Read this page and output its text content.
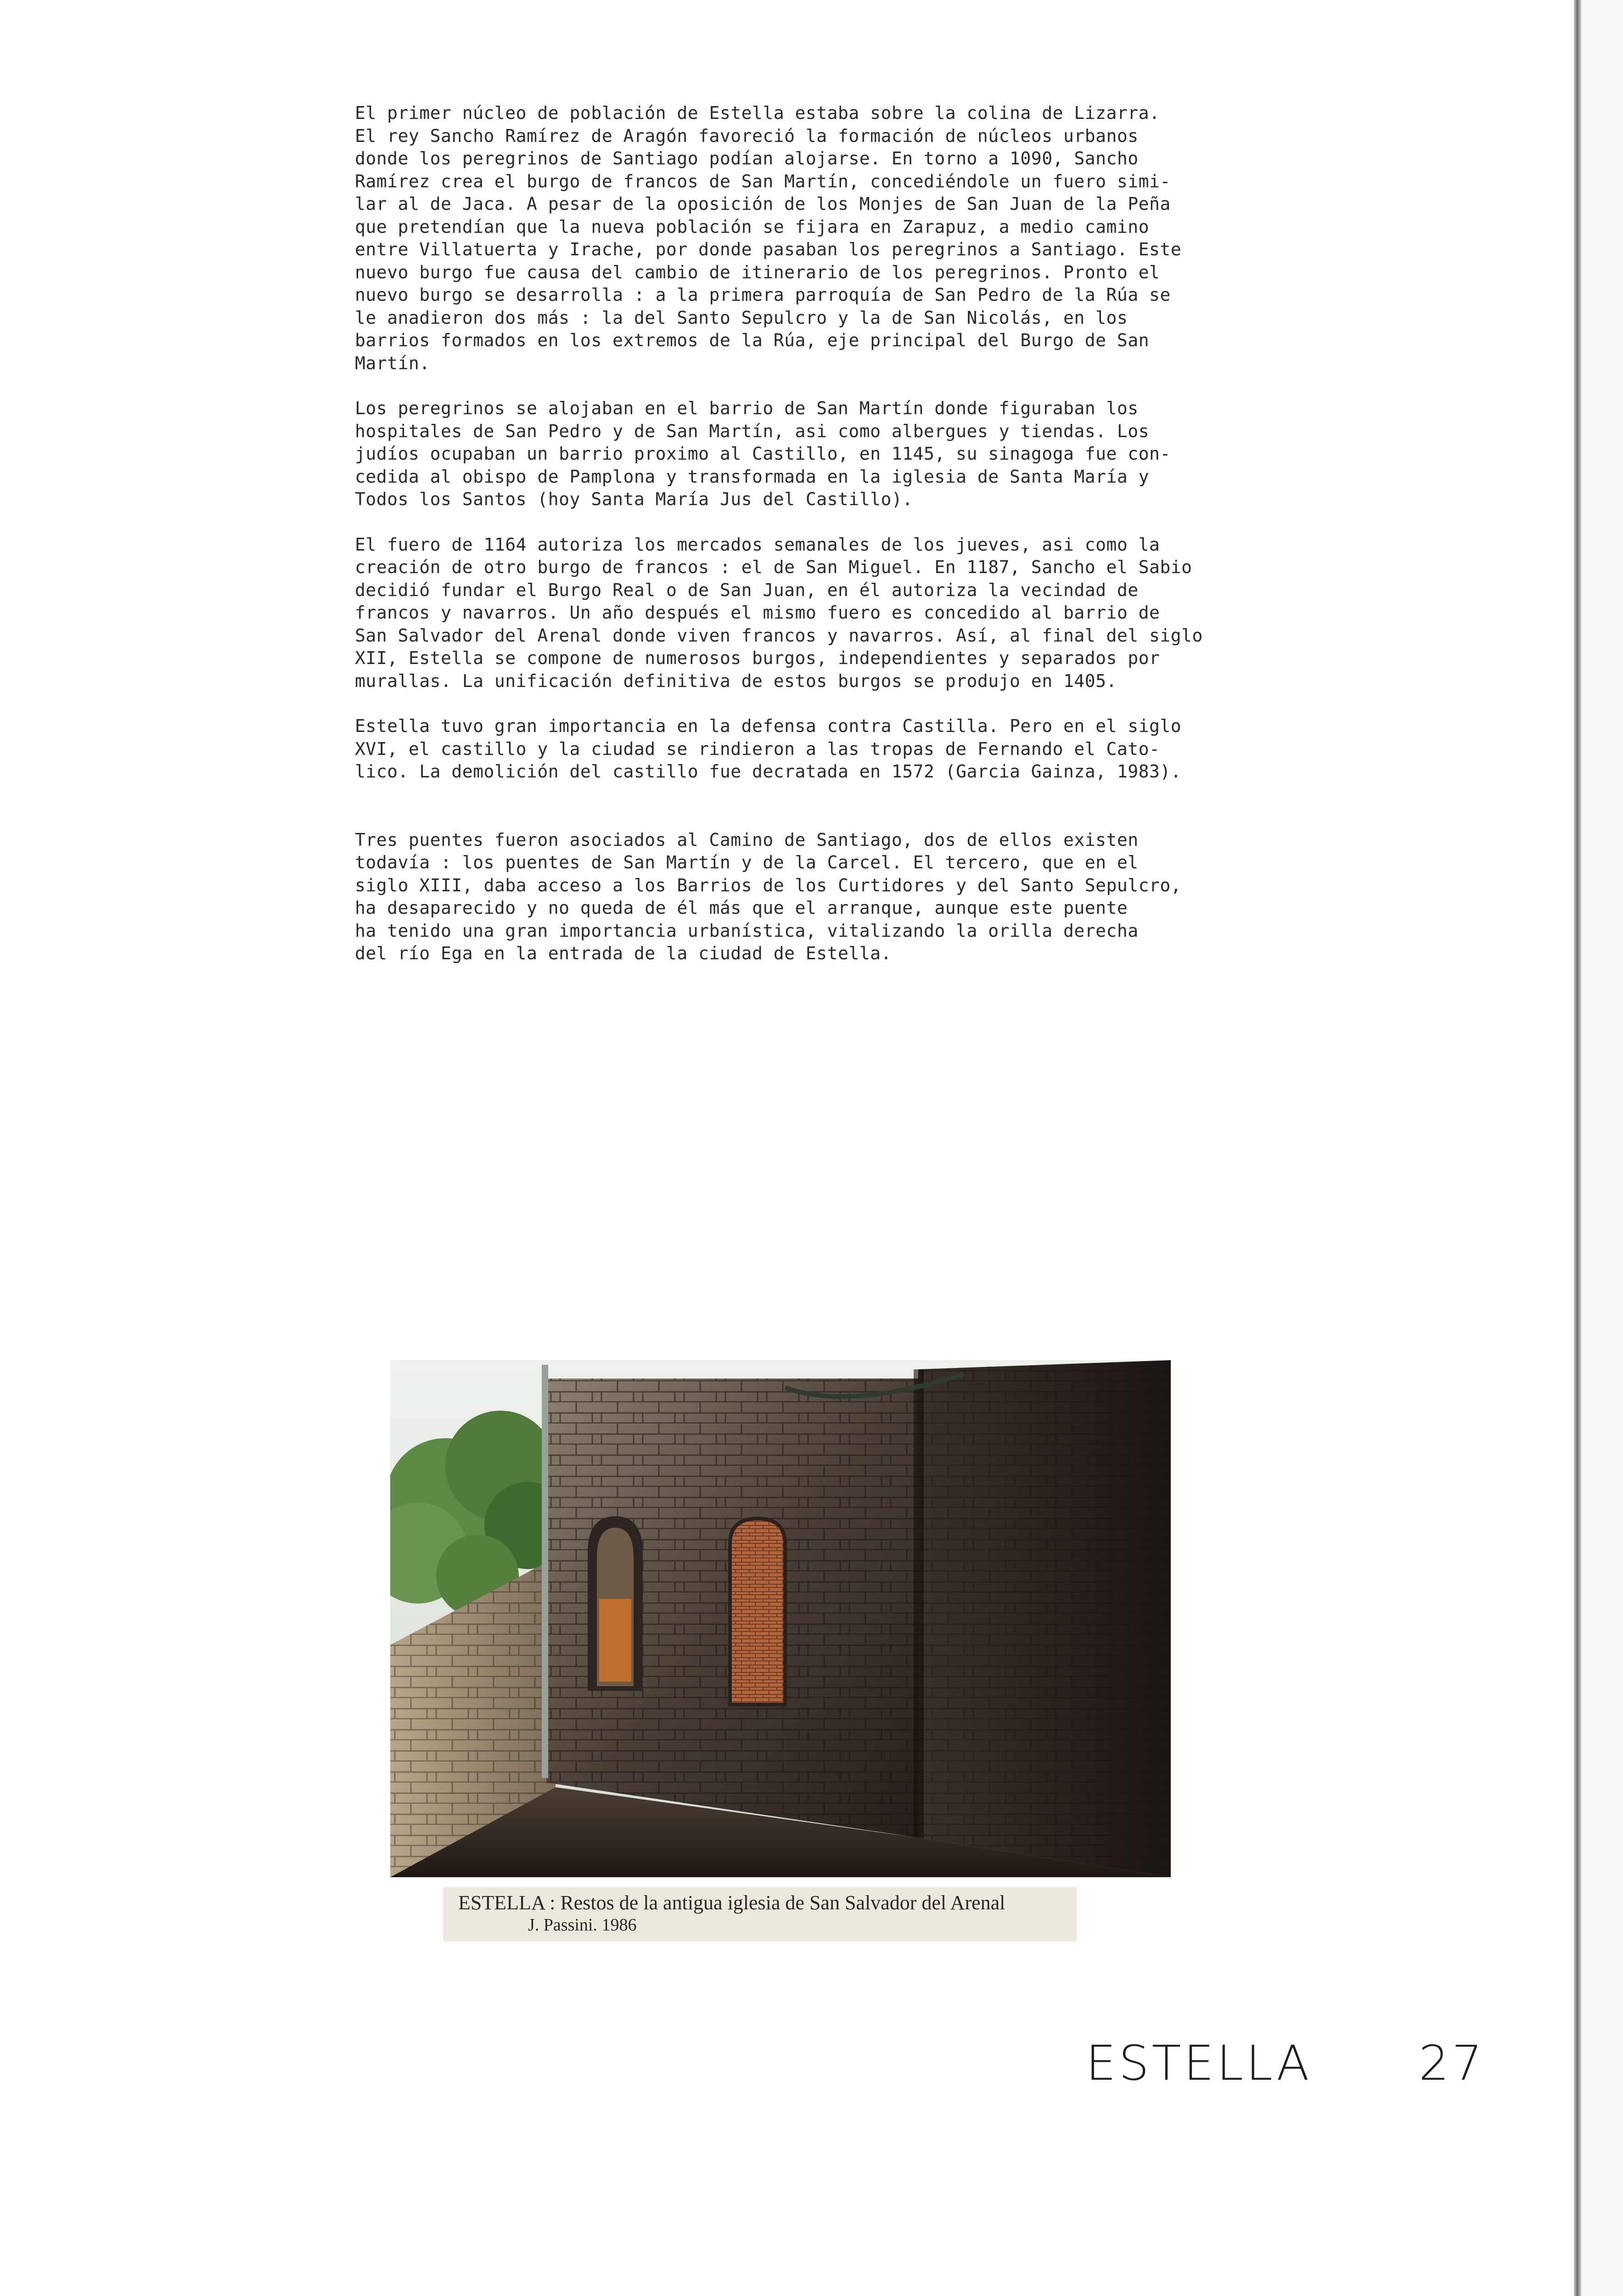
El primer núcleo de población de Estella estaba sobre la colina de Lizarra.

El rey Sancho Ramírez de Aragón favoreció la formación de núcleos urbanos

donde los peregrinos de Santiago podían alojarse. En torno a 1090, Sancho

Ramírez crea el burgo de francos de San Martín, concediéndole un fuero simi-

lar al de Jaca. A pesar de la oposición de los Monjes de San Juan de la Peña

que pretendían que la nueva población se fijara en Zarapuz, a medio camino

entre Villatuerta y Irache, por donde pasaban los peregrinos a Santiago. Este

nuevo burgo fue causa del cambio de itinerario de los peregrinos. Pronto el

nuevo burgo se desarrolla : a la primera parroquía de San Pedro de la Rúa se

le anadieron dos más : la del Santo Sepulcro y la de San Nicolás, en los

barrios formados en los extremos de la Rúa, eje principal del Burgo de San

Martín.

Los peregrinos se alojaban en el barrio de San Martín donde figuraban los

hospitales de San Pedro y de San Martín, asi como albergues y tiendas. Los

judíos ocupaban un barrio proximo al Castillo, en 1145, su sinagoga fue con-

cedida al obispo de Pamplona y transformada en la iglesia de Santa María y

Todos los Santos (hoy Santa María Jus del Castillo).

El fuero de 1164 autoriza los mercados semanales de los jueves, asi como la

creación de otro burgo de francos : el de San Miguel. En 1187, Sancho el Sabio

decidió fundar el Burgo Real o de San Juan, en él autoriza la vecindad de

francos y navarros. Un año después el mismo fuero es concedido al barrio de

San Salvador del Arenal donde viven francos y navarros. Así, al final del siglo

XII, Estella se compone de numerosos burgos, independientes y separados por

murallas. La unificación definitiva de estos burgos se produjo en 1405.

Estella tuvo gran importancia en la defensa contra Castilla. Pero en el siglo

XVI, el castillo y la ciudad se rindieron a las tropas de Fernando el Cato-

lico. La demolición del castillo fue decratada en 1572 (Garcia Gainza, 1983).

Tres puentes fueron asociados al Camino de Santiago, dos de ellos existen

todavía : los puentes de San Martín y de la Carcel. El tercero, que en el

siglo XIII, daba acceso a los Barrios de los Curtidores y del Santo Sepulcro,

ha desaparecido y no queda de él más que el arranque, aunque este puente

ha tenido una gran importancia urbanística, vitalizando la orilla derecha

del río Ega en la entrada de la ciudad de Estella.

ESTELLA : Restos de la antigua iglesia de San Salvador del Arenal

J. Passini. 1986

ESTELLA 27
